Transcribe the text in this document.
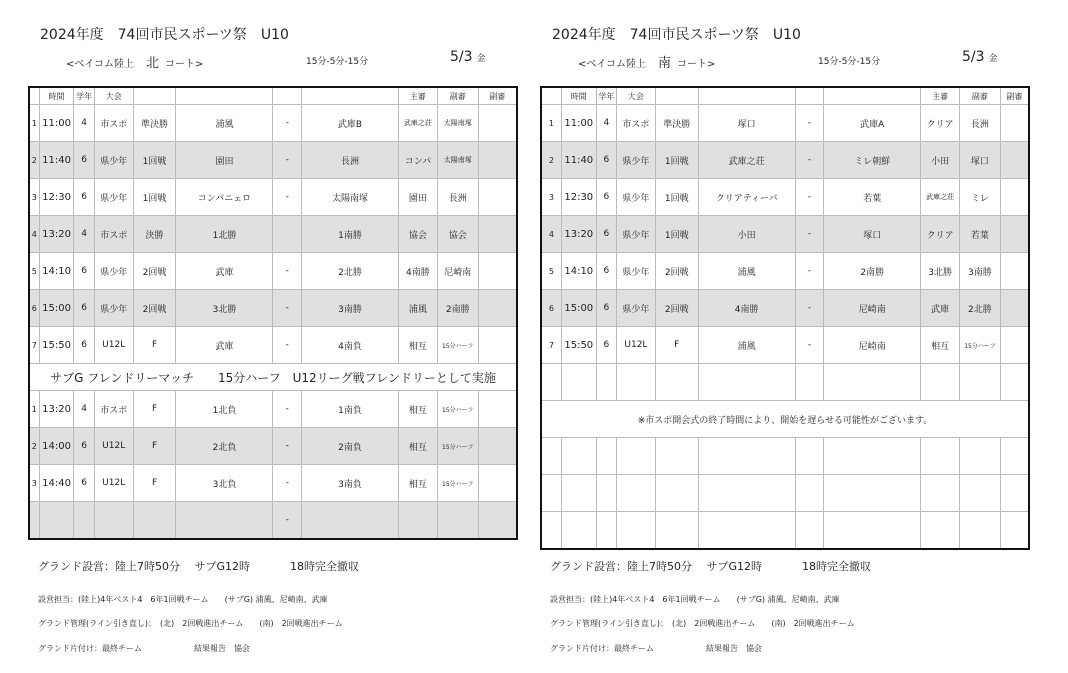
2024年度　74回市民スポーツ祭　U10
<ベイコム陸上 北 コート>	15分-5分-15分	5/3 金
	時間	学年	大会					主審	副審	副審
1	11:00	4	市スポ	準決勝	浦風	-	武庫B	武庫之荘	太陽南塚	
2	11:40	6	県少年	1回戦	園田	-	長洲	コンパ	太陽南塚	
3	12:30	6	県少年	1回戦	コンパニェロ	-	太陽南塚	園田	長洲	
4	13:20	4	市スポ	決勝	1北勝		1南勝	協会	協会	
5	14:10	6	県少年	2回戦	武庫	-	2北勝	4南勝	尼崎南	
6	15:00	6	県少年	2回戦	3北勝	-	3南勝	浦風	2南勝	
7	15:50	6	U12L	F	武庫	-	4南負	相互	15分ハーフ	
サブG フレンドリーマッチ　　15分ハーフ　U12リーグ戦フレンドリーとして実施										
1	13:20	4	市スポ	F	1北負	-	1南負	相互	15分ハーフ	
2	14:00	6	U12L	F	2北負	-	2南負	相互	15分ハーフ	
3	14:40	6	U12L	F	3北負	-	3南負	相互	15分ハーフ	
						-				
グランド設営：陸上7時50分　 サブG12時	18時完全撤収
設営担当：(陸上)4年ベスト4　6年1回戦チーム　　(サブG) 浦風、尼崎南、武庫
グランド管理(ライン引き直し)：　(北)　2回戦進出チーム　　(南)　2回戦進出チーム
グランド片付け：最終チーム	結果報告　協会
2024年度　74回市民スポーツ祭　U10
<ベイコム陸上 南 コート>	15分-5分-15分	5/3 金
	時間	学年	大会					主審	副審	副審
1	11:00	4	市スポ	準決勝	塚口	-	武庫A	クリア	長洲	
2	11:40	6	県少年	1回戦	武庫之荘	-	ミレ朝鮮	小田	塚口	
3	12:30	6	県少年	1回戦	クリアティーバ	-	若葉	武庫之荘	ミレ	
4	13:20	6	県少年	1回戦	小田	-	塚口	クリア	若葉	
5	14:10	6	県少年	2回戦	浦風	-	2南勝	3北勝	3南勝	
6	15:00	6	県少年	2回戦	4南勝	-	尼崎南	武庫	2北勝	
7	15:50	6	U12L	F	浦風	-	尼崎南	相互	15分ハーフ	

※市スポ開会式の終了時間により、開始を遅らせる可能性がございます。										

グランド設営：陸上7時50分　 サブG12時	18時完全撤収
設営担当：(陸上)4年ベスト4　6年1回戦チーム　　(サブG) 浦風、尼崎南、武庫
グランド管理(ライン引き直し)：　(北)　2回戦進出チーム　　(南)　2回戦進出チーム
グランド片付け：最終チーム	結果報告　協会
